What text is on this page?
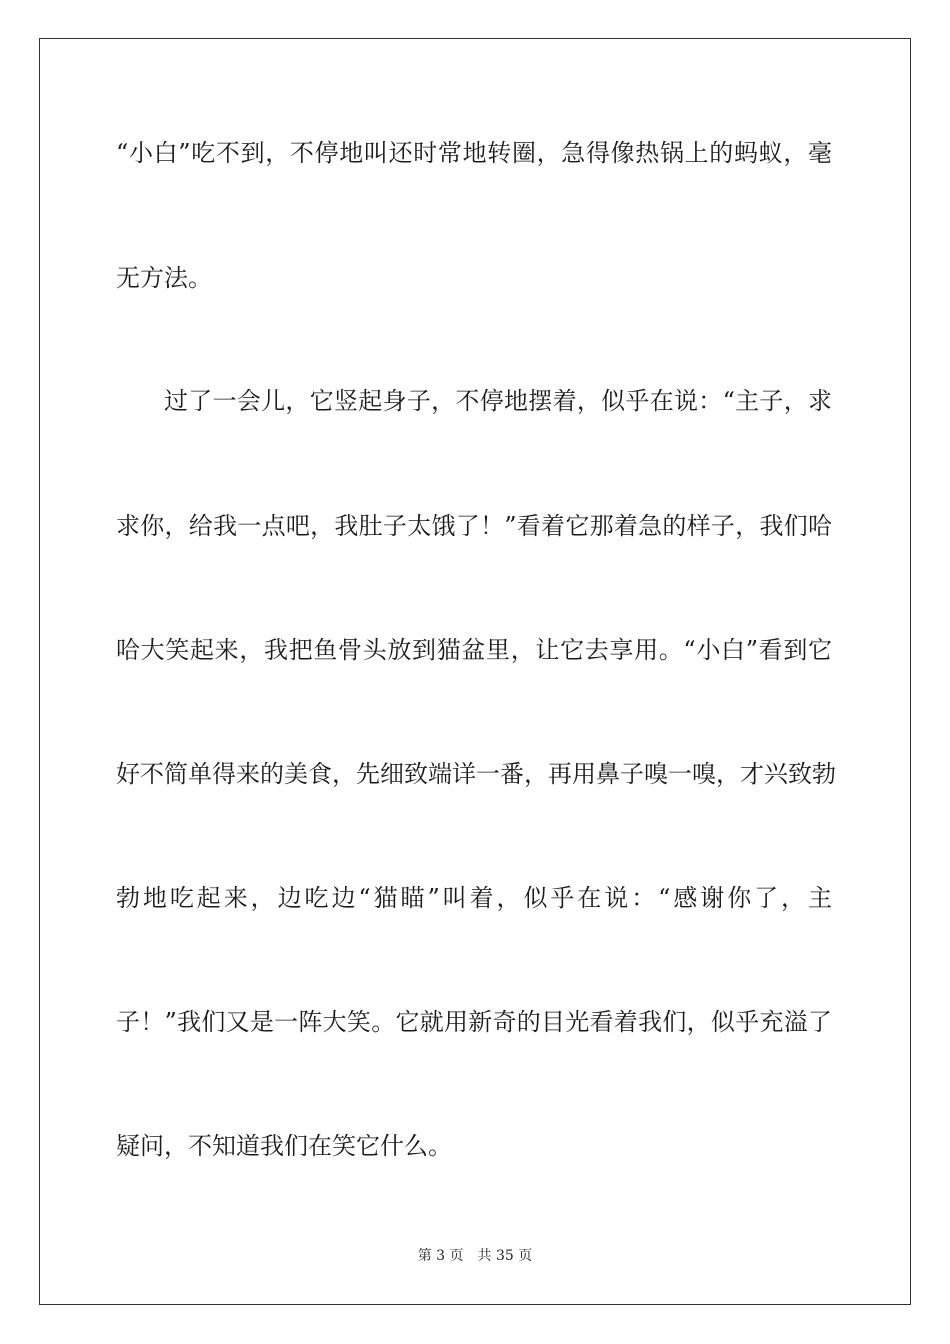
“小白”吃不到，不停地叫还时常地转圈，急得像热锅上的蚂蚁，毫
无方法。
过了一会儿，它竖起身子，不停地摆着，似乎在说：“主子，求
求你，给我一点吧，我肚子太饿了！”看着它那着急的样子，我们哈
哈大笑起来，我把鱼骨头放到猫盆里，让它去享用。“小白”看到它
好不简单得来的美食，先细致端详一番，再用鼻子嗅一嗅，才兴致勃
勃地吃起来，边吃边“猫瞄”叫着，似乎在说：“感谢你了，主
子！”我们又是一阵大笑。它就用新奇的目光看着我们，似乎充溢了
疑问，不知道我们在笑它什么。
第 3 页　共 35 页
